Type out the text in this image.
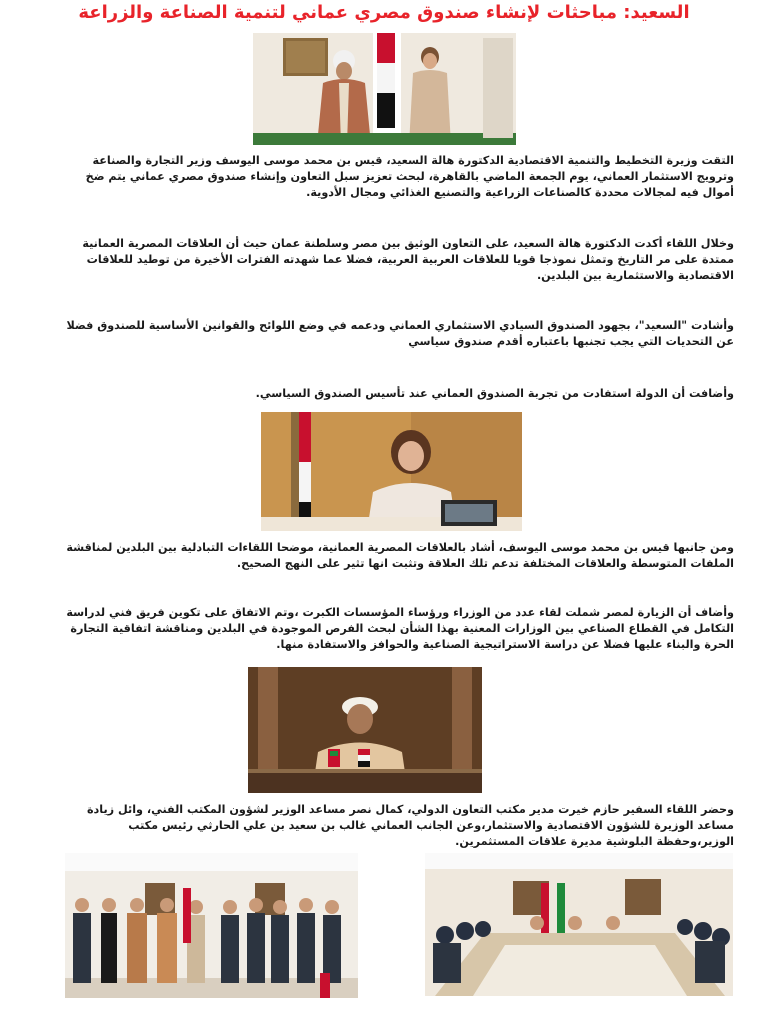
السعيد: مباحثات لإنشاء صندوق مصري عماني لتنمية الصناعة والزراعة
التقت وزيرة التخطيط والتنمية الاقتصادية الدكتورة هالة السعيد، قيس بن محمد موسى اليوسف وزير التجارة والصناعة وترويج الاستثمار العماني، يوم الجمعة الماضي بالقاهرة، لبحث تعزيز سبل التعاون وإنشاء صندوق مصري عماني يتم ضخ أموال فيه لمجالات محددة كالصناعات الزراعية والتصنيع الغذائي ومجال الأدوية.
وخلال اللقاء أكدت الدكتورة هالة السعيد، على التعاون الوثيق بين مصر وسلطنة عمان حيث أن العلاقات المصرية العمانية ممتدة على مر التاريخ وتمثل نموذجا قويا للعلاقات العربية العربية، فضلا عما شهدته الفترات الأخيرة من توطيد للعلاقات الاقتصادية والاستثمارية بين البلدين.
وأشادت "السعيد"، بجهود الصندوق السيادي الاستثماري العماني ودعمه في وضع اللوائح والقوانين الأساسية للصندوق فضلا عن التحديات التي يجب تجنبها باعتباره أقدم صندوق سياسي
وأضافت أن الدولة استفادت من تجربة الصندوق العماني عند تأسيس الصندوق السياسي.
ومن جانبها قيس بن محمد موسى اليوسف، أشاد بالعلاقات المصرية العمانية، موضحا اللقاءات التبادلية بين البلدين لمناقشة الملفات المتوسطة والعلاقات المختلفة تدعم تلك العلاقة وتثبت انها تثير على النهج الصحيح.
وأضاف أن الزيارة لمصر شملت لقاء عدد من الوزراء ورؤساء المؤسسات الكبرت ،وتم الاتفاق على تكوين فريق فني لدراسة التكامل في القطاع الصناعي بين الوزارات المعنية بهذا الشأن لبحث الفرص الموجودة في البلدين ومناقشة اتفاقية التجارة الحرة والبناء عليها فضلا عن دراسة الاستراتيجية الصناعية والحوافز والاستفادة منها.
وحضر اللقاء السفير حازم خيرت مدير مكتب التعاون الدولي، كمال نصر مساعد الوزير لشؤون المكتب الفني، وائل زيادة مساعد الوزيرة للشؤون الاقتصادية والاستثمار،وعن الجانب العماني غالب بن سعيد بن علي الحارثي رئيس مكتب الوزير،وحفظة البلوشية مديرة علاقات المستثمرين.
